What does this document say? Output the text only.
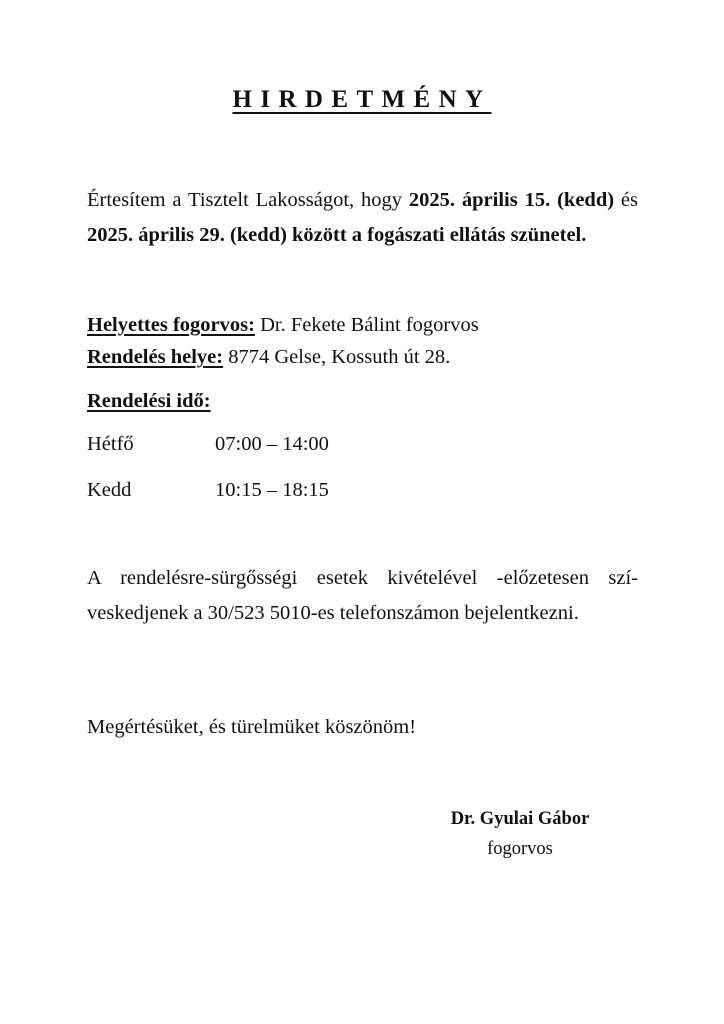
HIRDETMÉNY
Értesítem a Tisztelt Lakosságot, hogy 2025. április 15. (kedd) és 2025. április 29. (kedd) között a fogászati ellátás szünetel.
Helyettes fogorvos: Dr. Fekete Bálint fogorvos
Rendelés helye: 8774 Gelse, Kossuth út 28.
Rendelési idő:
Hétfő	07:00 – 14:00
Kedd	10:15 – 18:15
A rendelésre-sürgősségi esetek kivételével -előzetesen szíveskedjenek a 30/523 5010-es telefonszámon bejelentkezni.
Megértésüket, és türelmüket köszönöm!
Dr. Gyulai Gábor
fogorvos
